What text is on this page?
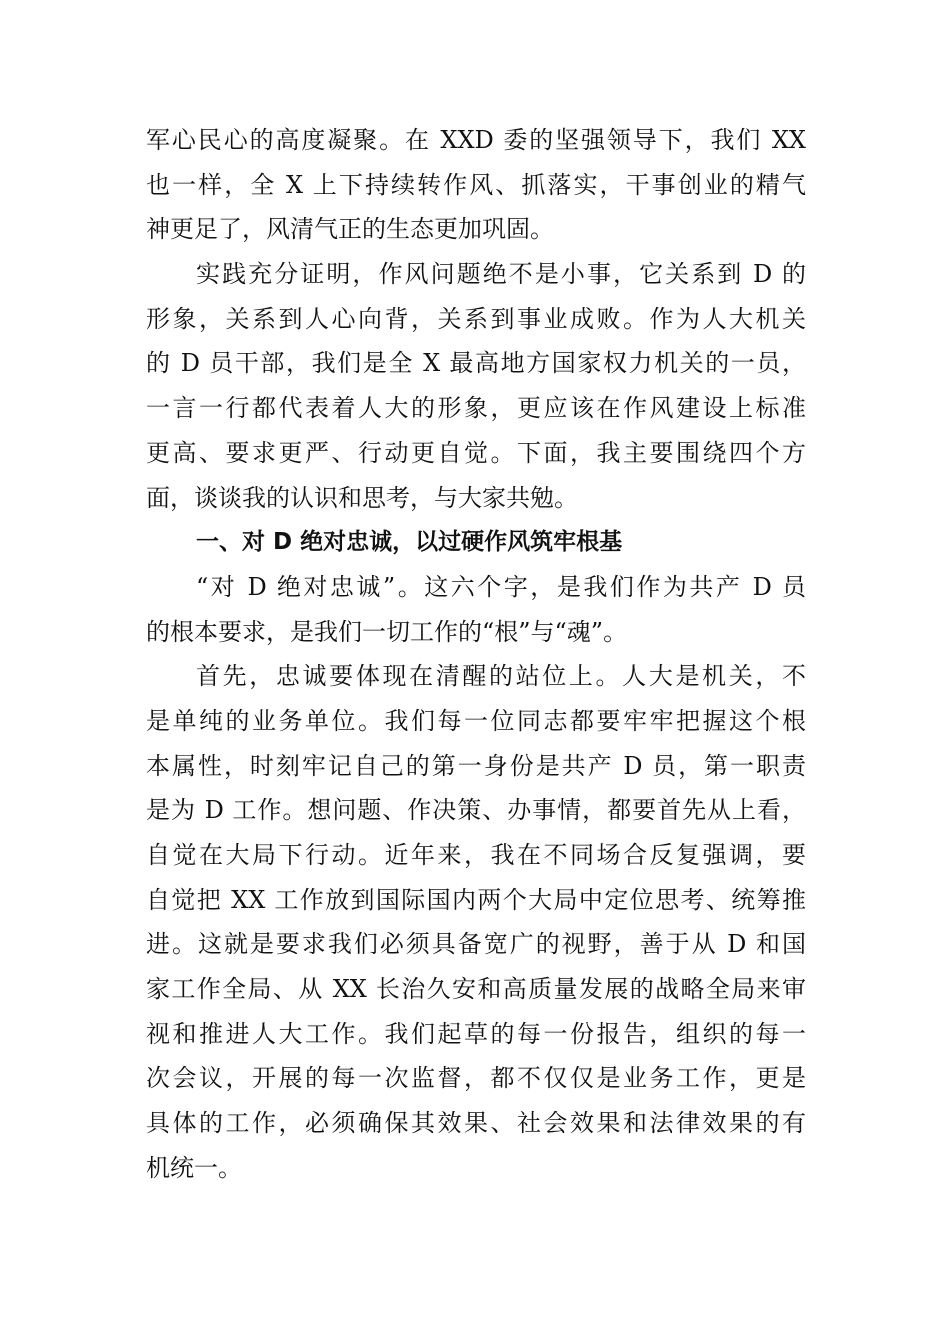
军心民心的高度凝聚。在 XXD 委的坚强领导下，我们 XX
也一样，全 X 上下持续转作风、抓落实，干事创业的精气
神更足了，风清气正的生态更加巩固。
实践充分证明，作风问题绝不是小事，它关系到 D 的
形象，关系到人心向背，关系到事业成败。作为人大机关
的 D 员干部，我们是全 X 最高地方国家权力机关的一员，
一言一行都代表着人大的形象，更应该在作风建设上标准
更高、要求更严、行动更自觉。下面，我主要围绕四个方
面，谈谈我的认识和思考，与大家共勉。
一、对 D 绝对忠诚，以过硬作风筑牢根基
“对 D 绝对忠诚”。这六个字，是我们作为共产 D 员
的根本要求，是我们一切工作的“根”与“魂”。
首先，忠诚要体现在清醒的站位上。人大是机关，不
是单纯的业务单位。我们每一位同志都要牢牢把握这个根
本属性，时刻牢记自己的第一身份是共产 D 员，第一职责
是为 D 工作。想问题、作决策、办事情，都要首先从上看，
自觉在大局下行动。近年来，我在不同场合反复强调，要
自觉把 XX 工作放到国际国内两个大局中定位思考、统筹推
进。这就是要求我们必须具备宽广的视野，善于从 D 和国
家工作全局、从 XX 长治久安和高质量发展的战略全局来审
视和推进人大工作。我们起草的每一份报告，组织的每一
次会议，开展的每一次监督，都不仅仅是业务工作，更是
具体的工作，必须确保其效果、社会效果和法律效果的有
机统一。
